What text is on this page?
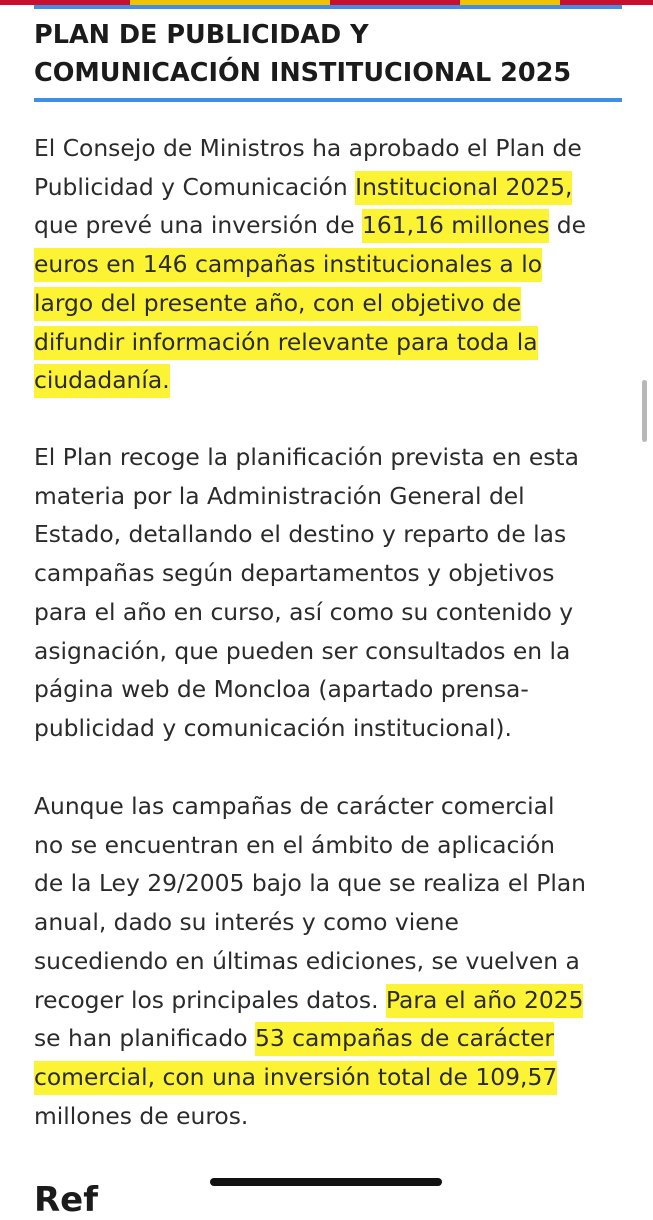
PLAN DE PUBLICIDAD Y
COMUNICACIÓN INSTITUCIONAL 2025

El Consejo de Ministros ha aprobado el Plan de
Publicidad y Comunicación Institucional 2025,
que prevé una inversión de 161,16 millones de
euros en 146 campañas institucionales a lo
largo del presente año, con el objetivo de
difundir información relevante para toda la
ciudadanía.

El Plan recoge la planificación prevista en esta
materia por la Administración General del
Estado, detallando el destino y reparto de las
campañas según departamentos y objetivos
para el año en curso, así como su contenido y
asignación, que pueden ser consultados en la
página web de Moncloa (apartado prensa-
publicidad y comunicación institucional).

Aunque las campañas de carácter comercial
no se encuentran en el ámbito de aplicación
de la Ley 29/2005 bajo la que se realiza el Plan
anual, dado su interés y como viene
sucediendo en últimas ediciones, se vuelven a
recoger los principales datos. Para el año 2025
se han planificado 53 campañas de carácter
comercial, con una inversión total de 109,57
millones de euros.

Ref
